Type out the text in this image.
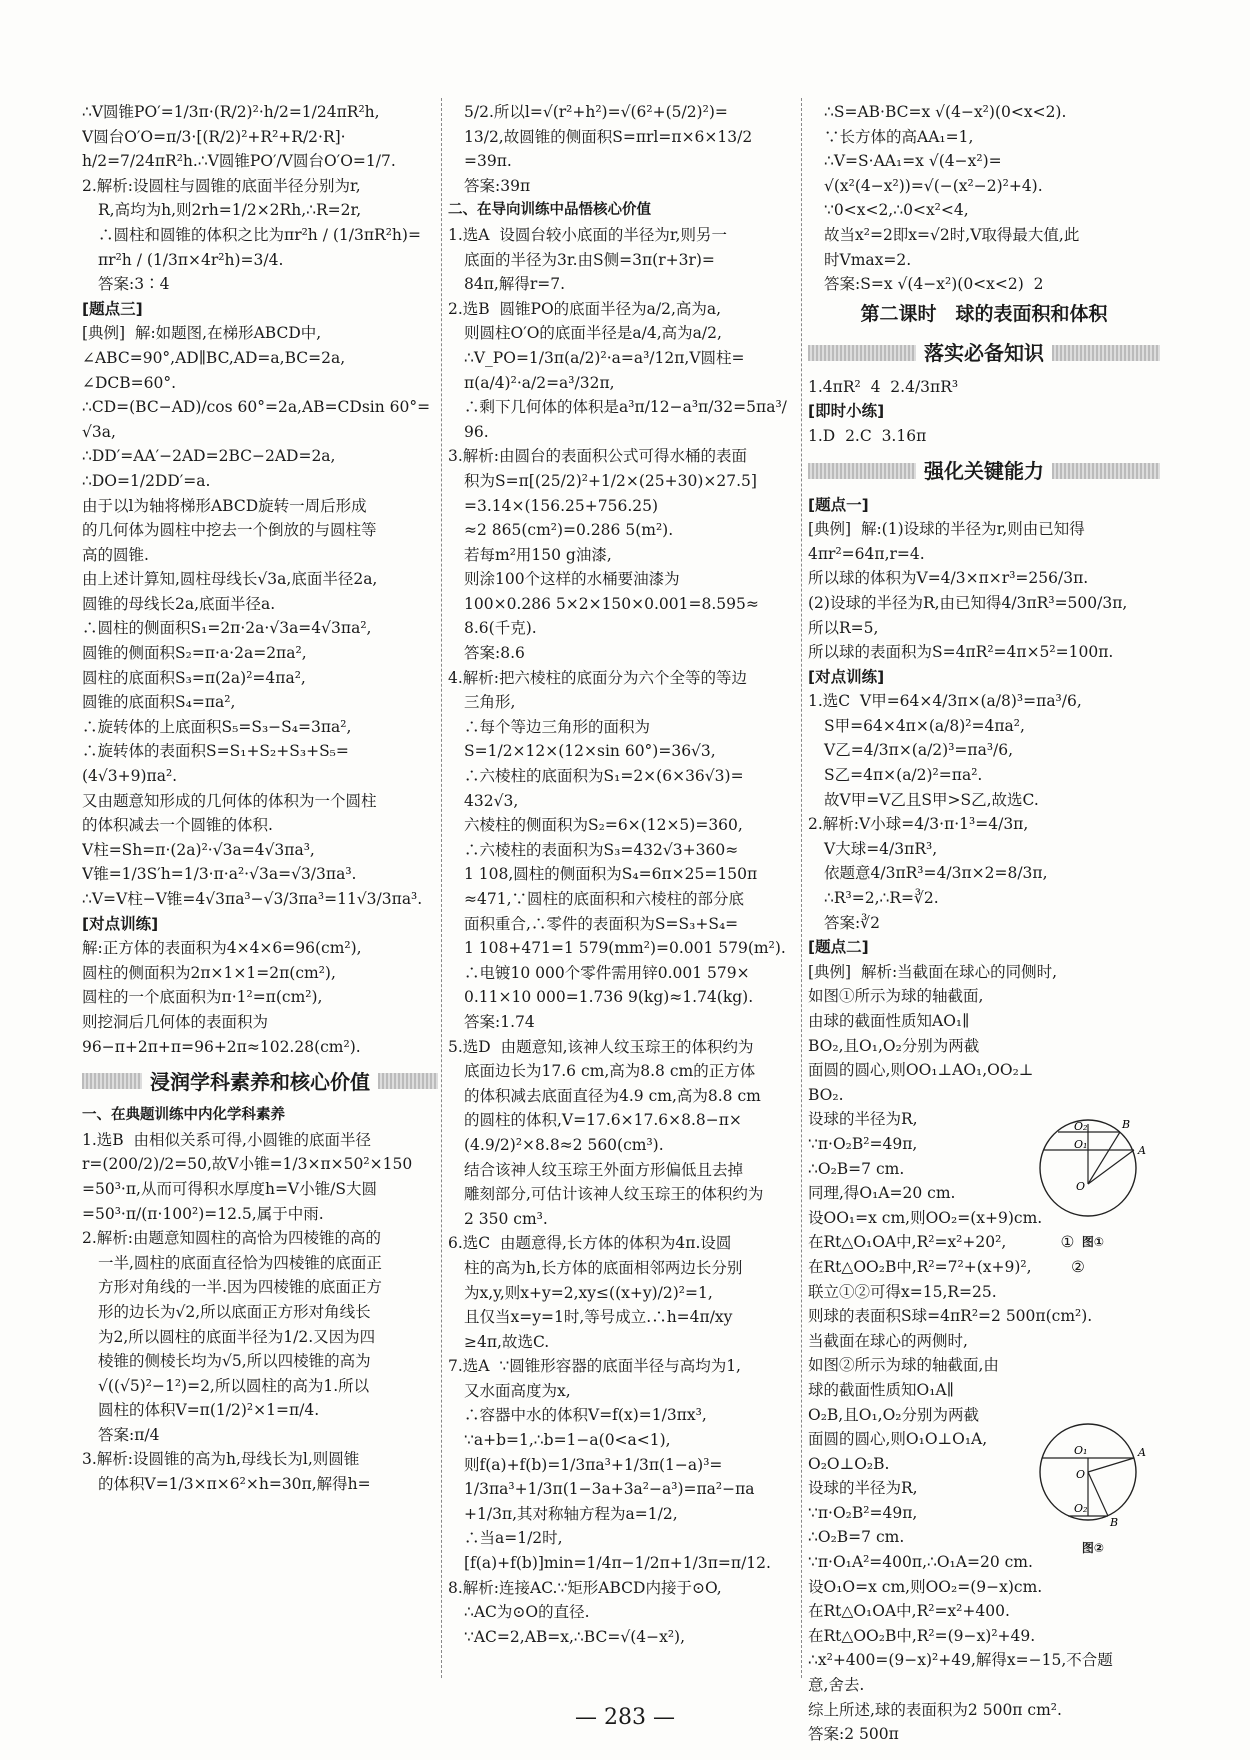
∴V圆锥PO′=1/3π·(R/2)²·h/2=1/24πR²h,
V圆台O′O=π/3·[(R/2)²+R²+R/2·R]·
h/2=7/24πR²h.∴V圆锥PO′/V圆台O′O=1/7.
2.解析:设圆柱与圆锥的底面半径分别为r,
R,高均为h,则2rh=1/2×2Rh,∴R=2r,
∴圆柱和圆锥的体积之比为πr²h / (1/3πR²h)=
πr²h / (1/3π×4r²h)=3/4.
答案:3∶4
[题点三]
[典例]  解:如题图,在梯形ABCD中,
∠ABC=90°,AD∥BC,AD=a,BC=2a,
∠DCB=60°.
∴CD=(BC−AD)/cos 60°=2a,AB=CDsin 60°=√3a,
∴DD′=AA′−2AD=2BC−2AD=2a,
∴DO=1/2DD′=a.
由于以l为轴将梯形ABCD旋转一周后形成
的几何体为圆柱中挖去一个倒放的与圆柱等
高的圆锥.
由上述计算知,圆柱母线长√3a,底面半径2a,
圆锥的母线长2a,底面半径a.
∴圆柱的侧面积S₁=2π·2a·√3a=4√3πa²,
圆锥的侧面积S₂=π·a·2a=2πa²,
圆柱的底面积S₃=π(2a)²=4πa²,
圆锥的底面积S₄=πa²,
∴旋转体的上底面积S₅=S₃−S₄=3πa²,
∴旋转体的表面积S=S₁+S₂+S₃+S₅=
(4√3+9)πa².
又由题意知形成的几何体的体积为一个圆柱
的体积减去一个圆锥的体积.
V柱=Sh=π·(2a)²·√3a=4√3πa³,
V锥=1/3S′h=1/3·π·a²·√3a=√3/3πa³.
∴V=V柱−V锥=4√3πa³−√3/3πa³=11√3/3πa³.
[对点训练]
解:正方体的表面积为4×4×6=96(cm²),
圆柱的侧面积为2π×1×1=2π(cm²),
圆柱的一个底面积为π·1²=π(cm²),
则挖洞后几何体的表面积为
96−π+2π+π=96+2π≈102.28(cm²).
浸润学科素养和核心价值
一、在典题训练中内化学科素养
1.选B  由相似关系可得,小圆锥的底面半径
r=(200/2)/2=50,故V小锥=1/3×π×50²×150
=50³·π,从而可得积水厚度h=V小锥/S大圆
=50³·π/(π·100²)=12.5,属于中雨.
2.解析:由题意知圆柱的高恰为四棱锥的高的
一半,圆柱的底面直径恰为四棱锥的底面正
方形对角线的一半.因为四棱锥的底面正方
形的边长为√2,所以底面正方形对角线长
为2,所以圆柱的底面半径为1/2.又因为四
棱锥的侧棱长均为√5,所以四棱锥的高为
√((√5)²−1²)=2,所以圆柱的高为1.所以
圆柱的体积V=π(1/2)²×1=π/4.
答案:π/4
3.解析:设圆锥的高为h,母线长为l,则圆锥
的体积V=1/3×π×6²×h=30π,解得h=
5/2.所以l=√(r²+h²)=√(6²+(5/2)²)=
13/2,故圆锥的侧面积S=πrl=π×6×13/2
=39π.
答案:39π
二、在导向训练中品悟核心价值
1.选A  设圆台较小底面的半径为r,则另一
底面的半径为3r.由S侧=3π(r+3r)=
84π,解得r=7.
2.选B  圆锥PO的底面半径为a/2,高为a,
则圆柱O′O的底面半径是a/4,高为a/2,
∴V_PO=1/3π(a/2)²·a=a³/12π,V圆柱=
π(a/4)²·a/2=a³/32π,
∴剩下几何体的体积是a³π/12−a³π/32=5πa³/96.
3.解析:由圆台的表面积公式可得水桶的表面
积为S=π[(25/2)²+1/2×(25+30)×27.5]
=3.14×(156.25+756.25)
≈2 865(cm²)=0.286 5(m²).
若每m²用150 g油漆,
则涂100个这样的水桶要油漆为
100×0.286 5×2×150×0.001=8.595≈
8.6(千克).
答案:8.6
4.解析:把六棱柱的底面分为六个全等的等边
三角形,
∴每个等边三角形的面积为
S=1/2×12×(12×sin 60°)=36√3,
∴六棱柱的底面积为S₁=2×(6×36√3)=
432√3,
六棱柱的侧面积为S₂=6×(12×5)=360,
∴六棱柱的表面积为S₃=432√3+360≈
1 108,圆柱的侧面积为S₄=6π×25=150π
≈471,∵圆柱的底面积和六棱柱的部分底
面积重合,∴零件的表面积为S=S₃+S₄=
1 108+471=1 579(mm²)=0.001 579(m²).
∴电镀10 000个零件需用锌0.001 579×
0.11×10 000=1.736 9(kg)≈1.74(kg).
答案:1.74
5.选D  由题意知,该神人纹玉琮王的体积约为
底面边长为17.6 cm,高为8.8 cm的正方体
的体积减去底面直径为4.9 cm,高为8.8 cm
的圆柱的体积,V=17.6×17.6×8.8−π×
(4.9/2)²×8.8≈2 560(cm³).
结合该神人纹玉琮王外面方形偏低且去掉
雕刻部分,可估计该神人纹玉琮王的体积约为
2 350 cm³.
6.选C  由题意得,长方体的体积为4π.设圆
柱的高为h,长方体的底面相邻两边长分别
为x,y,则x+y=2,xy≤((x+y)/2)²=1,
且仅当x=y=1时,等号成立.∴h=4π/xy
≥4π,故选C.
7.选A  ∵圆锥形容器的底面半径与高均为1,
又水面高度为x,
∴容器中水的体积V=f(x)=1/3πx³,
∵a+b=1,∴b=1−a(0<a<1),
则f(a)+f(b)=1/3πa³+1/3π(1−a)³=
1/3πa³+1/3π(1−3a+3a²−a³)=πa²−πa
+1/3π,其对称轴方程为a=1/2,
∴当a=1/2时,
[f(a)+f(b)]min=1/4π−1/2π+1/3π=π/12.
8.解析:连接AC.∵矩形ABCD内接于⊙O,
∴AC为⊙O的直径.
∵AC=2,AB=x,∴BC=√(4−x²),
∴S=AB·BC=x √(4−x²)(0<x<2).
∵长方体的高AA₁=1,
∴V=S·AA₁=x √(4−x²)=
√(x²(4−x²))=√(−(x²−2)²+4).
∵0<x<2,∴0<x²<4,
故当x²=2即x=√2时,V取得最大值,此
时Vmax=2.
答案:S=x √(4−x²)(0<x<2)  2
第二课时　球的表面积和体积
落实必备知识
1.4πR²  4  2.4/3πR³
[即时小练]
1.D  2.C  3.16π
强化关键能力
[题点一]
[典例]  解:(1)设球的半径为r,则由已知得
4πr²=64π,r=4.
所以球的体积为V=4/3×π×r³=256/3π.
(2)设球的半径为R,由已知得4/3πR³=500/3π,
所以R=5,
所以球的表面积为S=4πR²=4π×5²=100π.
[对点训练]
1.选C  V甲=64×4/3π×(a/8)³=πa³/6,
S甲=64×4π×(a/8)²=4πa²,
V乙=4/3π×(a/2)³=πa³/6,
S乙=4π×(a/2)²=πa².
故V甲=V乙且S甲>S乙,故选C.
2.解析:V小球=4/3·π·1³=4/3π,
V大球=4/3πR³,
依题意4/3πR³=4/3π×2=8/3π,
∴R³=2,∴R=∛2.
答案:∛2
[题点二]
[典例]  解析:当截面在球心的同侧时,
如图①所示为球的轴截面,
由球的截面性质知AO₁∥
BO₂,且O₁,O₂分别为两截
面圆的圆心,则OO₁⊥AO₁,OO₂⊥
BO₂.
设球的半径为R,
∵π·O₂B²=49π,
∴O₂B=7 cm.
同理,得O₁A=20 cm.
设OO₁=x cm,则OO₂=(x+9)cm.
在Rt△O₁OA中,R²=x²+20²,           ①
在Rt△OO₂B中,R²=7²+(x+9)²,        ②
联立①②可得x=15,R=25.
则球的表面积S球=4πR²=2 500π(cm²).
当截面在球心的两侧时,
如图②所示为球的轴截面,由
球的截面性质知O₁A∥
O₂B,且O₁,O₂分别为两截
面圆的圆心,则O₁O⊥O₁A,
O₂O⊥O₂B.
设球的半径为R,
∵π·O₂B²=49π,
∴O₂B=7 cm.
∵π·O₁A²=400π,∴O₁A=20 cm.
设O₁O=x cm,则OO₂=(9−x)cm.
在Rt△O₁OA中,R²=x²+400.
在Rt△OO₂B中,R²=(9−x)²+49.
∴x²+400=(9−x)²+49,解得x=−15,不合题
意,舍去.
综上所述,球的表面积为2 500π cm².
答案:2 500π
O₂
O₁
O
A
B
图①
O₁
O
O₂
A
B
图②
— 283 —
